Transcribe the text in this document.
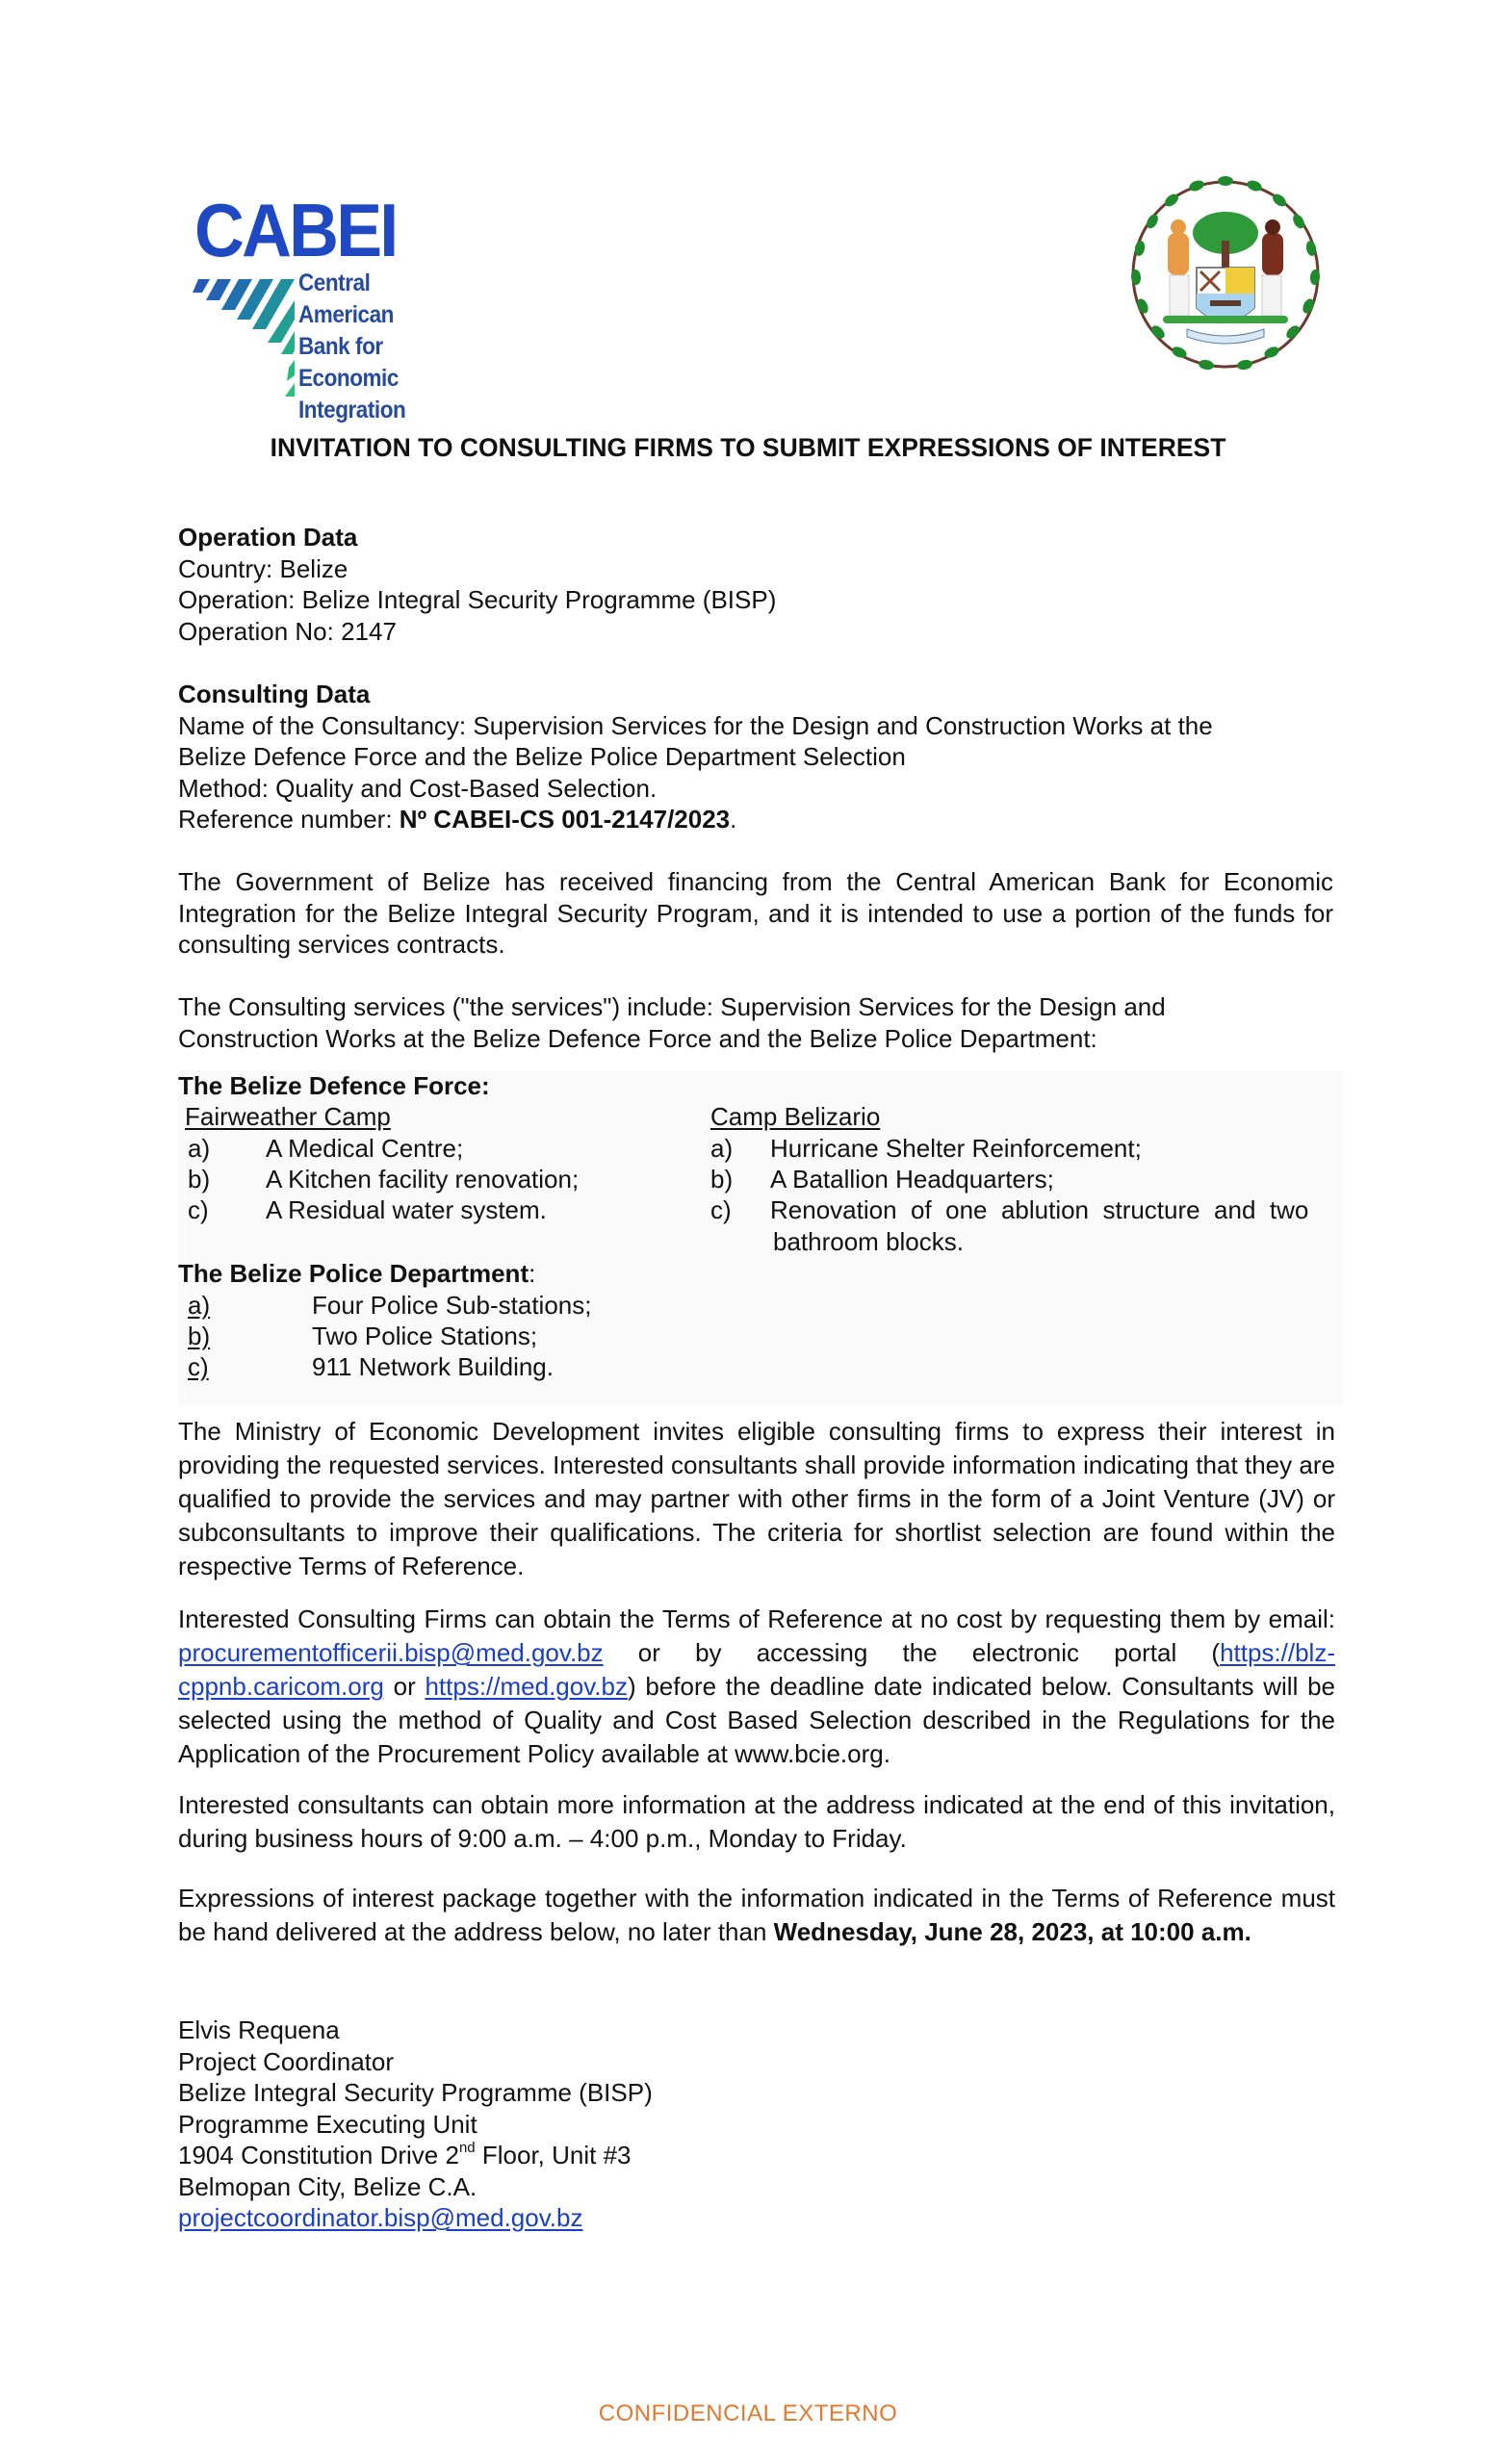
CABEI
Central American
Bank for
Economic
Integration
INVITATION TO CONSULTING FIRMS TO SUBMIT EXPRESSIONS OF INTEREST
Operation Data
Country: Belize
Operation: Belize Integral Security Programme (BISP)
Operation No: 2147
Consulting Data
Name of the Consultancy: Supervision Services for the Design and Construction Works at the
Belize Defence Force and the Belize Police Department Selection
Method: Quality and Cost-Based Selection.
Reference number: Nº CABEI-CS 001-2147/2023.
The Government of Belize has received financing from the Central American Bank for Economic Integration for the Belize Integral Security Program, and it is intended to use a portion of the funds for consulting services contracts.
The Consulting services ("the services") include: Supervision Services for the Design and Construction Works at the Belize Defence Force and the Belize Police Department:
The Belize Defence Force:
Fairweather Camp
a) A Medical Centre;
b) A Kitchen facility renovation;
c) A Residual water system.
Camp Belizario
a) Hurricane Shelter Reinforcement;
b) A Batallion Headquarters;
c) Renovation  of  one  ablution  structure  and  two
bathroom blocks.
The Belize Police Department:
a)	Four Police Sub-stations;
b)	Two Police Stations;
c)	911 Network Building.
The Ministry of Economic Development invites eligible consulting firms to express their interest in providing the requested services. Interested consultants shall provide information indicating that they are qualified to provide the services and may partner with other firms in the form of a Joint Venture (JV) or subconsultants to improve their qualifications. The criteria for shortlist selection are found within the respective Terms of Reference.
Interested Consulting Firms can obtain the Terms of Reference at no cost by requesting them by email: procurementofficerii.bisp@med.gov.bz or by accessing the electronic portal (https://blz-cppnb.caricom.org or https://med.gov.bz) before the deadline date indicated below. Consultants will be selected using the method of Quality and Cost Based Selection described in the Regulations for the Application of the Procurement Policy available at www.bcie.org.
Interested consultants can obtain more information at the address indicated at the end of this invitation, during business hours of 9:00 a.m. – 4:00 p.m., Monday to Friday.
Expressions of interest package together with the information indicated in the Terms of Reference must be hand delivered at the address below, no later than Wednesday, June 28, 2023, at 10:00 a.m.
Elvis Requena
Project Coordinator
Belize Integral Security Programme (BISP)
Programme Executing Unit
1904 Constitution Drive 2nd Floor, Unit #3
Belmopan City, Belize C.A.
projectcoordinator.bisp@med.gov.bz
CONFIDENCIAL EXTERNO
